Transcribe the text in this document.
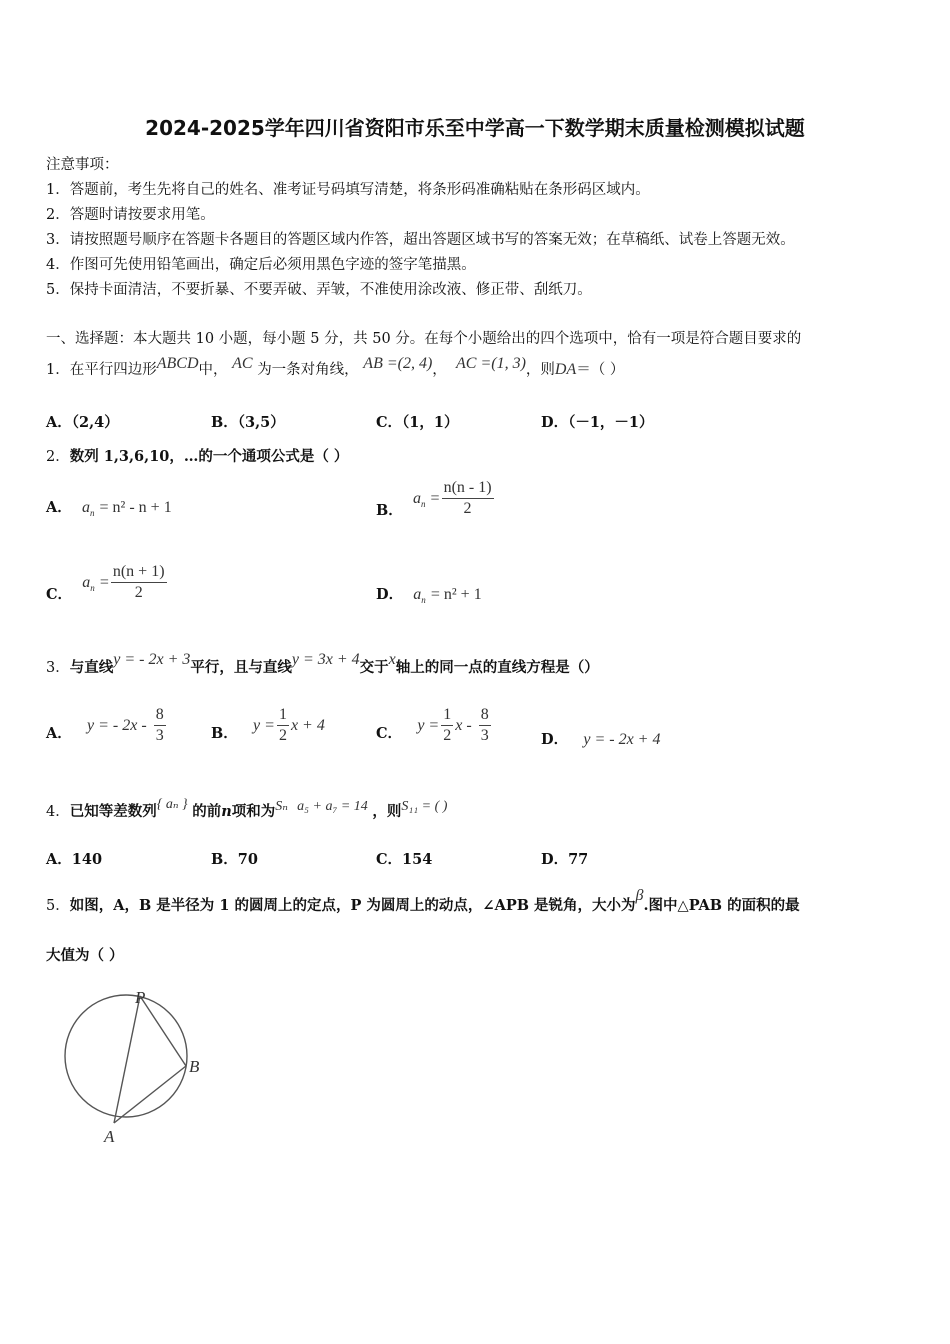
2024-2025学年四川省资阳市乐至中学高一下数学期末质量检测模拟试题
注意事项：
1．答题前，考生先将自己的姓名、准考证号码填写清楚，将条形码准确粘贴在条形码区域内。
2．答题时请按要求用笔。
3．请按照题号顺序在答题卡各题目的答题区域内作答，超出答题区域书写的答案无效；在草稿纸、试卷上答题无效。
4．作图可先使用铅笔画出，确定后必须用黑色字迹的签字笔描黑。
5．保持卡面清洁，不要折暴、不要弄破、弄皱，不准使用涂改液、修正带、刮纸刀。
一、选择题：本大题共 10 小题，每小题 5 分，共 50 分。在每个小题给出的四个选项中，恰有一项是符合题目要求的
1．在平行四边形ABCD中， AC 为一条对角线， AB =(2, 4)， AC =(1, 3)，则DA＝（ ）
A．（2,4）	B．（3,5）	C．（1，1）	D．（－1，－1）
2．数列 1,3,6,10，…的一个通项公式是（ ）
A． $a_n = n^2 - n + 1$	B．  $a_n = \frac{n(n - 1)}{2}$
C．  $a_n = \frac{n(n + 1)}{2}$	D． $a_n = n^2 + 1$
3．与直线y = - 2x + 3平行，且与直线y = 3x + 4交于x轴上的同一点的直线方程是（）
A． y = - $2x - \frac{8}{3}$	B． $y = \frac{1}{2}$ x + 4	C． $y = \frac{1}{2}$ x - $\frac{8}{3}$	D． y = - 2x + 4
4．已知等差数列{ aₙ } 的前n项和为Sₙ a₅ + a₇ = 14 ，则S₁₁ = ( )
A．140	B．70	C．154	D．77
5．如图，A，B 是半径为 1 的圆周上的定点，P 为圆周上的动点，∠APB 是锐角，大小为β.图中△PAB 的面积的最
大值为（ ）
P
B
A
